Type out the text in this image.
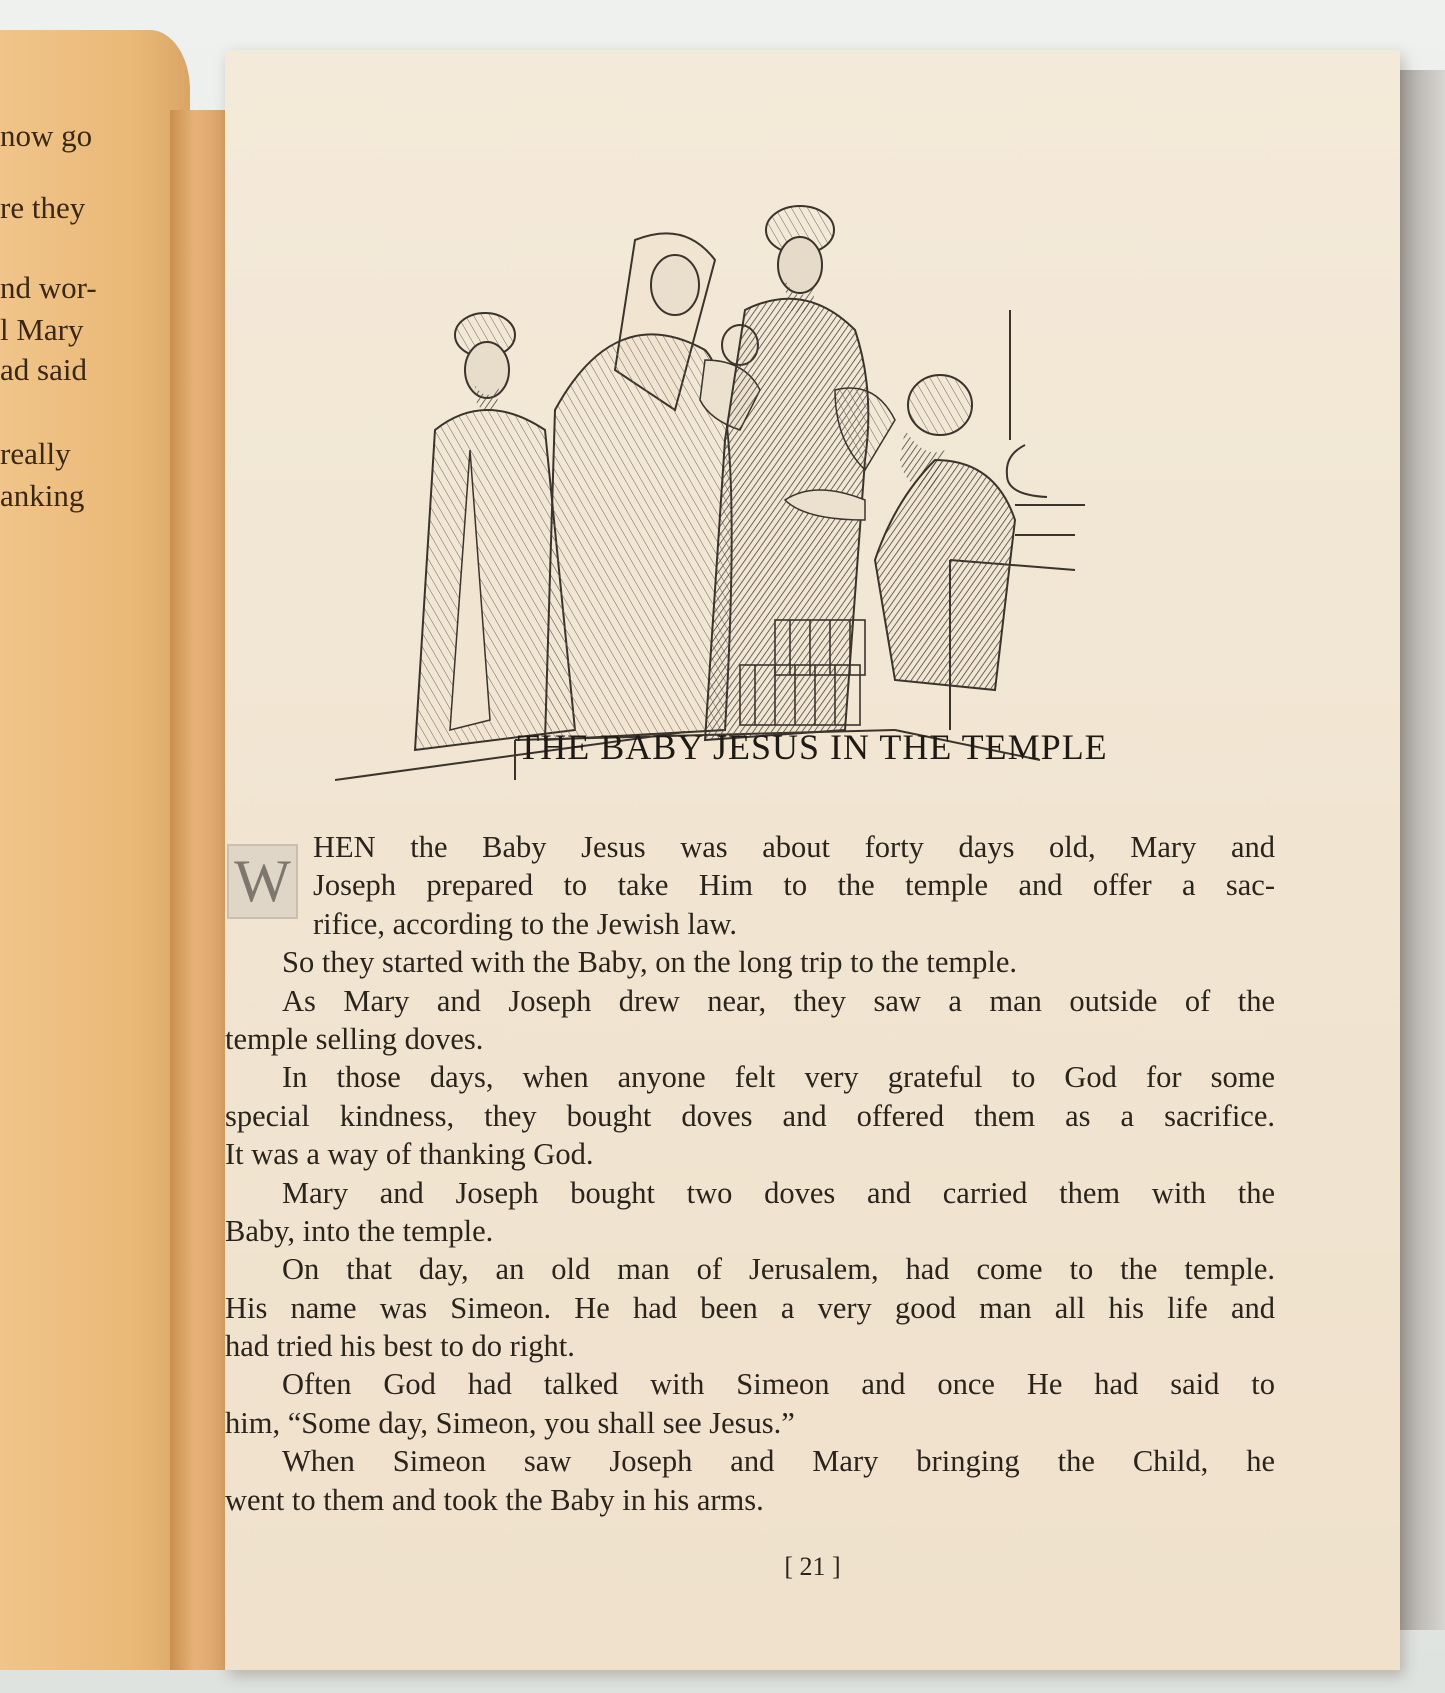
now go
re they
nd wor-
l Mary
ad said
really
anking
THE BABY JESUS IN THE TEMPLE
W
HEN the Baby Jesus was about forty days old, Mary and
Joseph prepared to take Him to the temple and offer a sac-
rifice, according to the Jewish law.
So they started with the Baby, on the long trip to the temple.
As Mary and Joseph drew near, they saw a man outside of the
temple selling doves.
In those days, when anyone felt very grateful to God for some
special kindness, they bought doves and offered them as a sacrifice.
It was a way of thanking God.
Mary and Joseph bought two doves and carried them with the
Baby, into the temple.
On that day, an old man of Jerusalem, had come to the temple.
His name was Simeon. He had been a very good man all his life and
had tried his best to do right.
Often God had talked with Simeon and once He had said to
him, “Some day, Simeon, you shall see Jesus.”
When Simeon saw Joseph and Mary bringing the Child, he
went to them and took the Baby in his arms.
[ 21 ]
